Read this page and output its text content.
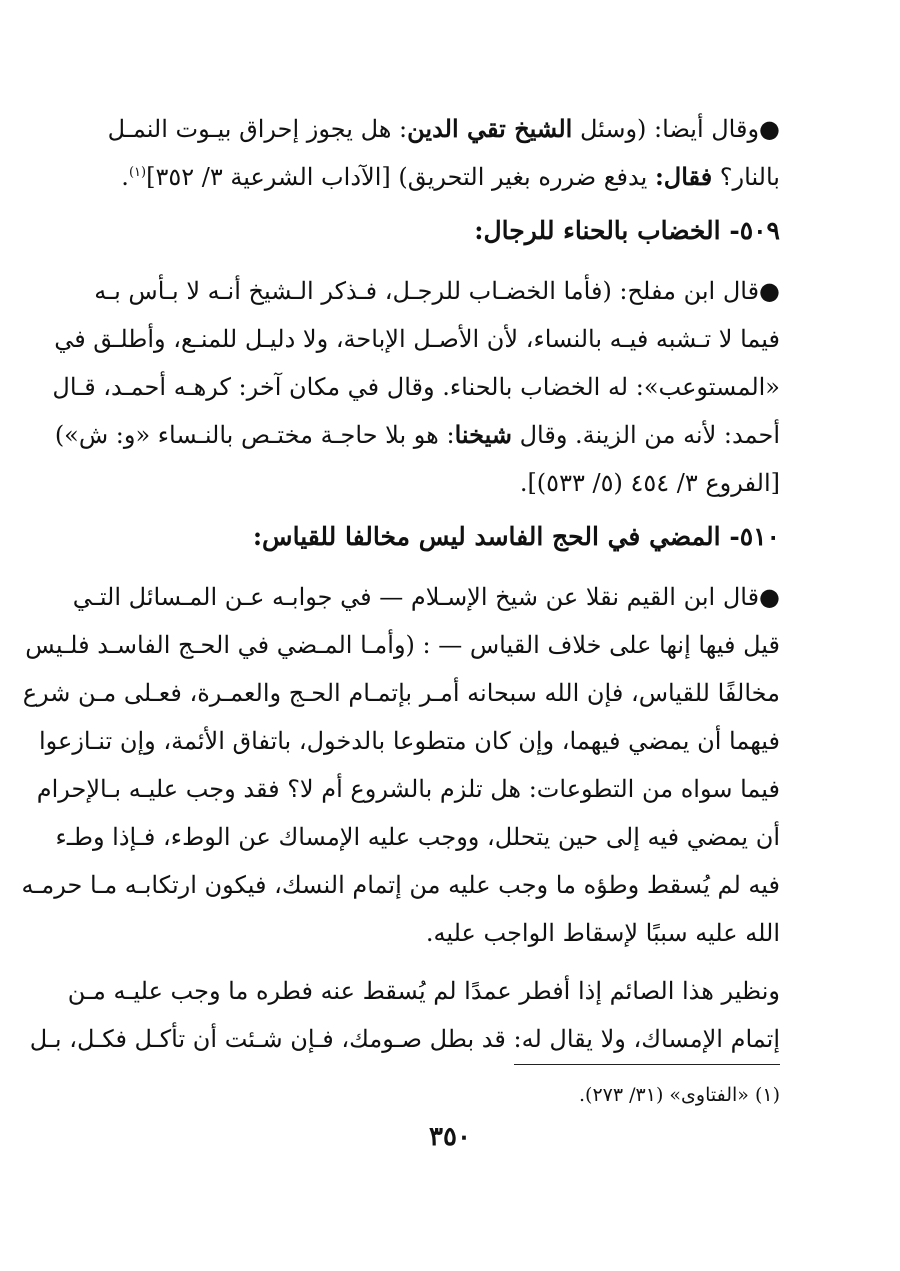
●وقال أيضا: (وسئل الشيخ تقي الدين: هل يجوز إحراق بيـوت النمـل
بالنار؟ فقال: يدفع ضرره بغير التحريق) [الآداب الشرعية ٣/ ٣٥٢]$^{(١)}$.
٥٠٩- الخضاب بالحناء للرجال:
●قال ابن مفلح: (فأما الخضـاب للرجـل، فـذكر الـشيخ أنـه لا بـأس بـه
فيما لا تـشبه فيـه بالنساء، لأن الأصـل الإباحة، ولا دليـل للمنـع، وأطلـق في
«المستوعب»: له الخضاب بالحناء. وقال في مكان آخر: كرهـه أحمـد، قـال
أحمد: لأنه من الزينة. وقال شيخنا: هو بلا حاجـة مختـص بالنـساء «و: ش»)
[الفروع ٣/ ٤٥٤ (٥/ ٥٣٣)].
٥١٠- المضي في الحج الفاسد ليس مخالفا للقياس:
●قال ابن القيم نقلا عن شيخ الإسـلام — في جوابـه عـن المـسائل التـي
قيل فيها إنها على خلاف القياس — : (وأمـا المـضي في الحـج الفاسـد فلـيس
مخالفًا للقياس، فإن الله سبحانه أمـر بإتمـام الحـج والعمـرة، فعـلى مـن شرع
فيهما أن يمضي فيهما، وإن كان متطوعا بالدخول، باتفاق الأئمة، وإن تنـازعوا
فيما سواه من التطوعات: هل تلزم بالشروع أم لا؟ فقد وجب عليـه بـالإحرام
أن يمضي فيه إلى حين يتحلل، ووجب عليه الإمساك عن الوطء، فـإذا وطـء
فيه لم يُسقط وطؤه ما وجب عليه من إتمام النسك، فيكون ارتكابـه مـا حرمـه
الله عليه سببًا لإسقاط الواجب عليه.
ونظير هذا الصائم إذا أفطر عمدًا لم يُسقط عنه فطره ما وجب عليـه مـن
إتمام الإمساك، ولا يقال له: قد بطل صـومك، فـإن شـئت أن تأكـل فكـل، بـل
(١) «الفتاوى» (٣١/ ٢٧٣).
٣٥٠
